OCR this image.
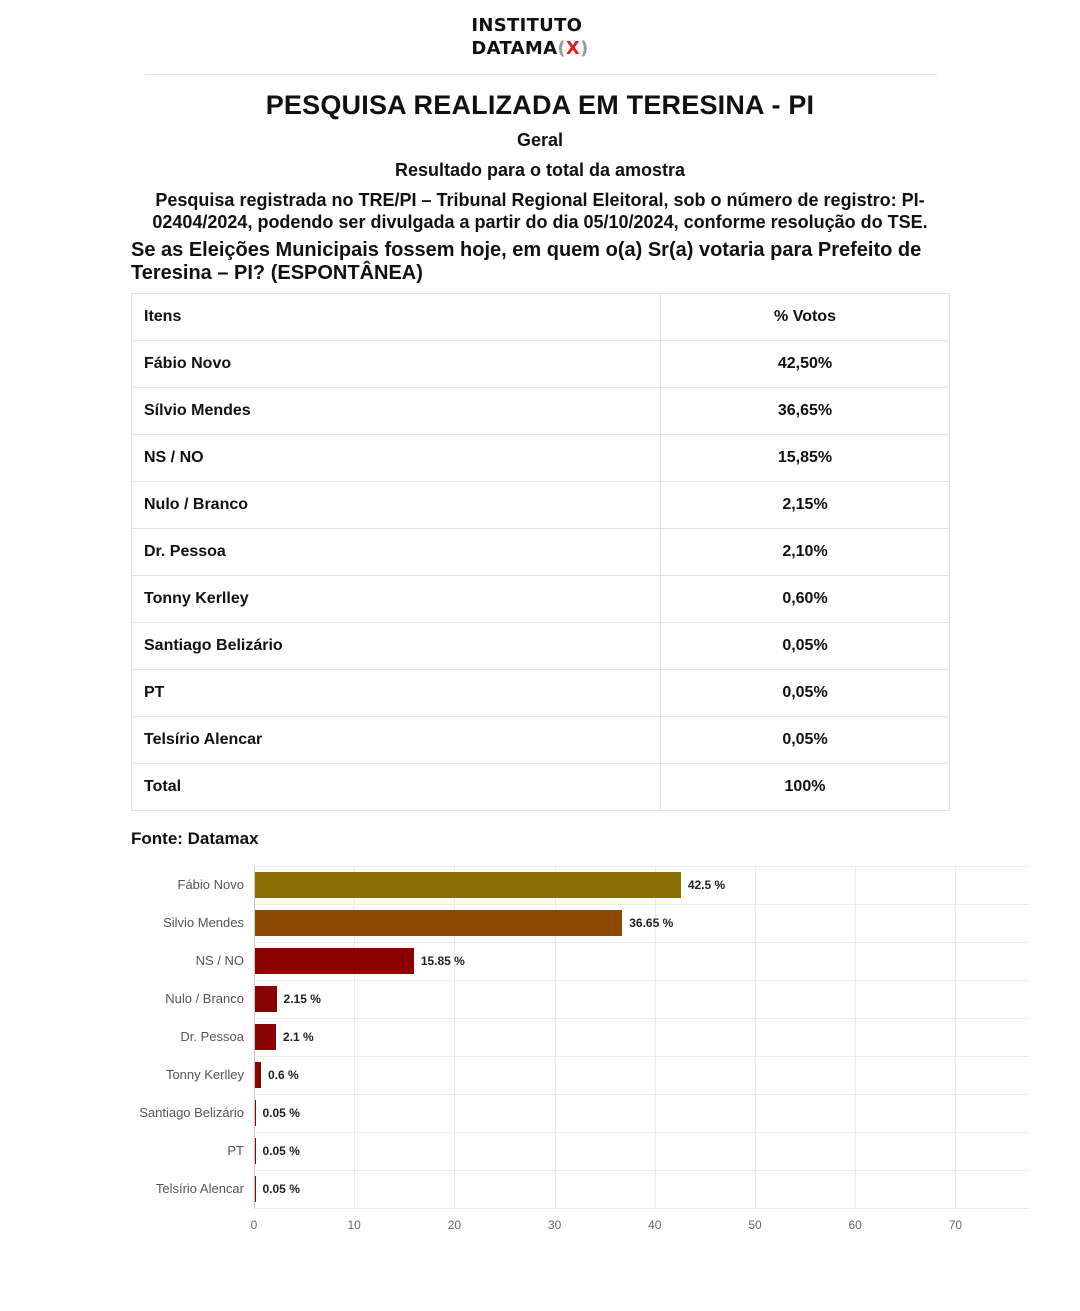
INSTITUTO
DATAMA(X)
PESQUISA REALIZADA EM TERESINA - PI
Geral
Resultado para o total da amostra
Pesquisa registrada no TRE/PI – Tribunal Regional Eleitoral, sob o número de registro: PI-02404/2024, podendo ser divulgada a partir do dia 05/10/2024, conforme resolução do TSE.
Se as Eleições Municipais fossem hoje, em quem o(a) Sr(a) votaria para Prefeito de Teresina – PI? (ESPONTÂNEA)
Itens	% Votos
Fábio Novo	42,50%
Sílvio Mendes	36,65%
NS / NO	15,85%
Nulo / Branco	2,15%
Dr. Pessoa	2,10%
Tonny Kerlley	0,60%
Santiago Belizário	0,05%
PT	0,05%
Telsírio Alencar	0,05%
Total	100%
Fonte: Datamax
0	10	20	30	40	50	60	70
Fábio Novo	42.5 %
Silvio Mendes	36.65 %
NS / NO	15.85 %
Nulo / Branco	2.15 %
Dr. Pessoa	2.1 %
Tonny Kerlley 0.6 %
Santiago Belizário 0.05 %
PT 0.05 %
Telsírio Alencar 0.05 %
